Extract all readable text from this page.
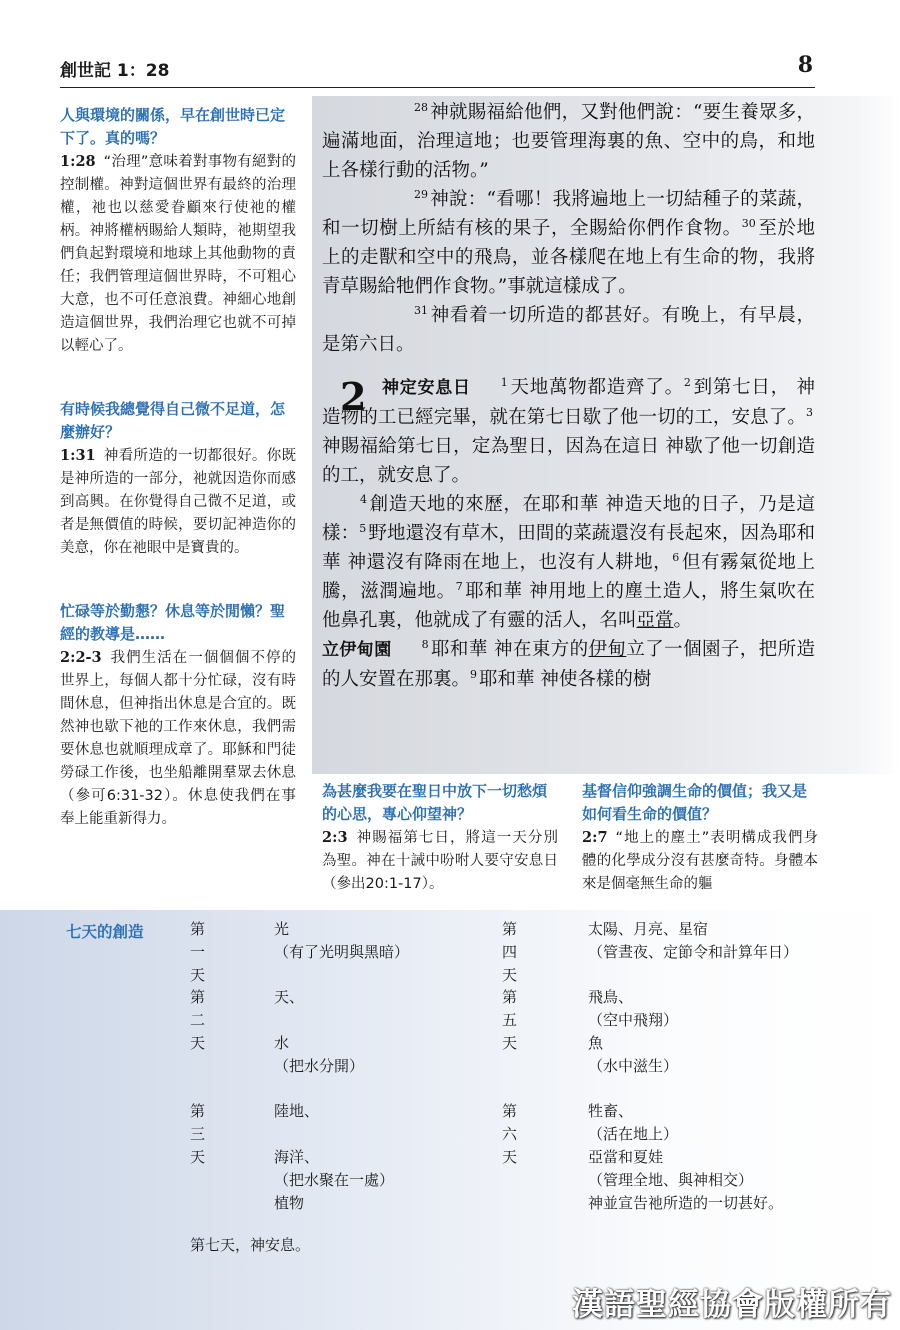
創世記 1：28	8
人與環境的關係，早在創世時已定下了。真的嗎？
1:28 “治理”意味着對事物有絕對的控制權。神對這個世界有最終的治理權，祂也以慈愛眷顧來行使祂的權柄。神將權柄賜給人類時，祂期望我們負起對環境和地球上其他動物的責任；我們管理這個世界時，不可粗心大意，也不可任意浪費。神細心地創造這個世界，我們治理它也就不可掉以輕心了。
有時候我總覺得自己微不足道，怎麼辦好？
1:31 神看所造的一切都很好。你既是神所造的一部分，祂就因造你而感到高興。在你覺得自己微不足道，或者是無價值的時候，要切記神造你的美意，你在祂眼中是寶貴的。
忙碌等於勤懇？休息等於閒懶？聖經的教導是……
2:2-3 我們生活在一個個個不停的世界上，每個人都十分忙碌，沒有時間休息，但神指出休息是合宜的。既然神也歇下祂的工作來休息，我們需要休息也就順理成章了。耶穌和門徒勞碌工作後，也坐船離開羣眾去休息（參可6:31-32）。休息使我們在事奉上能重新得力。

$^{28}$ 神就賜福給他們，又對他們說：“要生養眾多，遍滿地面，治理這地；也要管理海裏的魚、空中的鳥，和地上各樣行動的活物。”

$^{29}$ 神說：“看哪！我將遍地上一切結種子的菜蔬，和一切樹上所結有核的果子，全賜給你們作食物。$^{30}$ 至於地上的走獸和空中的飛鳥，並各樣爬在地上有生命的物，我將青草賜給牠們作食物。”事就這樣成了。

$^{31}$ 神看着一切所造的都甚好。有晚上，有早晨，是第六日。

2 神定安息日	$^1$ 天地萬物都造齊了。$^2$ 到第七日， 神造物的工已經完畢，就在第七日歇了他一切的工，安息了。$^3$ 神賜福給第七日，定為聖日，因為在這日 神歇了他一切創造的工，就安息了。

$^4$ 創造天地的來歷，在耶和華 神造天地的日子，乃是這樣：$^5$ 野地還沒有草木，田間的菜蔬還沒有長起來，因為耶和華 神還沒有降雨在地上，也沒有人耕地，$^6$ 但有霧氣從地上騰，滋潤遍地。$^7$ 耶和華 神用地上的塵土造人，將生氣吹在他鼻孔裏，他就成了有靈的活人，名叫亞當。

立伊甸園	$^8$ 耶和華 神在東方的伊甸立了一個園子，把所造的人安置在那裏。$^9$ 耶和華 神使各樣的樹

為甚麼我要在聖日中放下一切愁煩的心思，專心仰望神？
2:3 神賜福第七日，將這一天分別為聖。神在十誡中吩咐人要守安息日（參出20:1-17）。
基督信仰強調生命的價值；我又是如何看生命的價值？
2:7 “地上的塵土”表明構成我們身體的化學成分沒有甚麼奇特。身體本來是個毫無生命的軀
七天的創造	第一天
光
（有了光明與黑暗）
第二天
天、
水
（把水分開）
第三天
陸地、
海洋、
（把水聚在一處）
植物
第四天
太陽、月亮、星宿
（管晝夜、定節令和計算年日）
第五天
飛鳥、
（空中飛翔）
魚
（水中滋生）
第六天
牲畜、
（活在地上）
亞當和夏娃
（管理全地、與神相交）
神並宣告祂所造的一切甚好。
第七天，神安息。
漢語聖經協會版權所有
